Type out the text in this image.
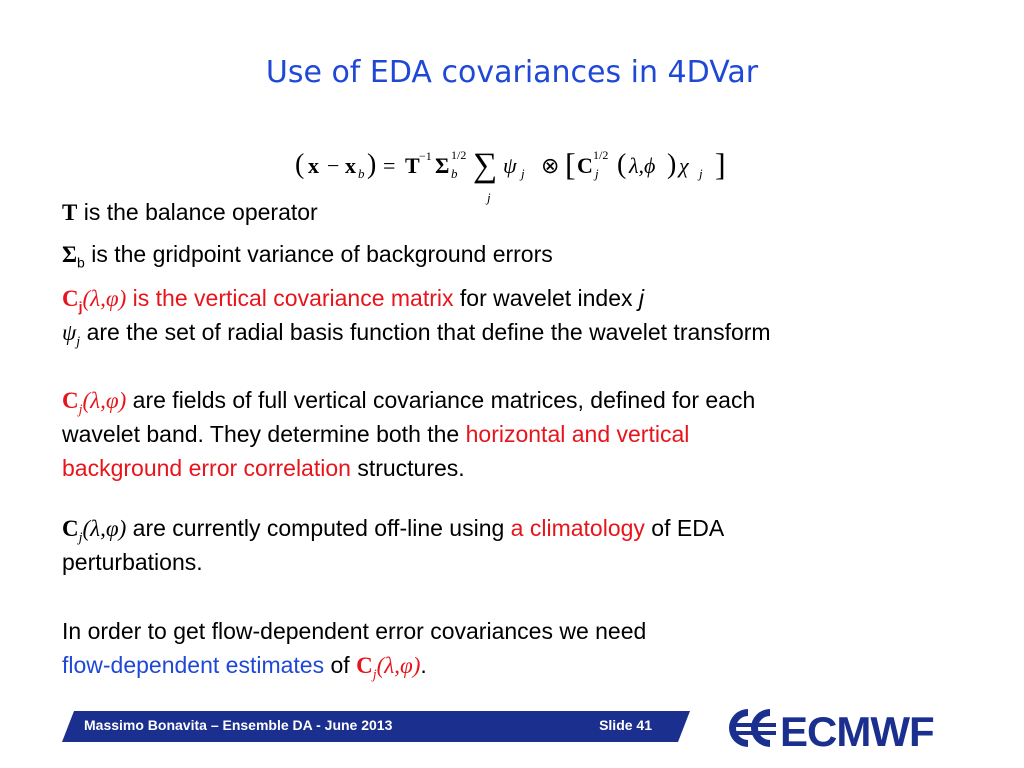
Use of EDA covariances in 4DVar
( x − x b ) = T −1 Σ 1/2
b ∑
j
ψ j ⊗ [ C 1/2
j ( λ,ϕ ) χ j ]
T is the balance operator
$\Sigma_b$ is the gridpoint variance of background errors
$C_j(\lambda,\varphi)$ is the vertical covariance matrix for wavelet index j
$\psi_j$ are the set of radial basis function that define the wavelet transform
$C_j(\lambda,\varphi)$ are fields of full vertical covariance matrices, defined for each
wavelet band. They determine both the horizontal and vertical
background error correlation structures.
$C_j(\lambda,\varphi)$ are currently computed off-line using a climatology of EDA
perturbations.
In order to get flow-dependent error covariances we need
flow-dependent estimates of $C_j(\lambda,\varphi)$.
Massimo Bonavita – Ensemble DA - June 2013	Slide 41	ECMWF
